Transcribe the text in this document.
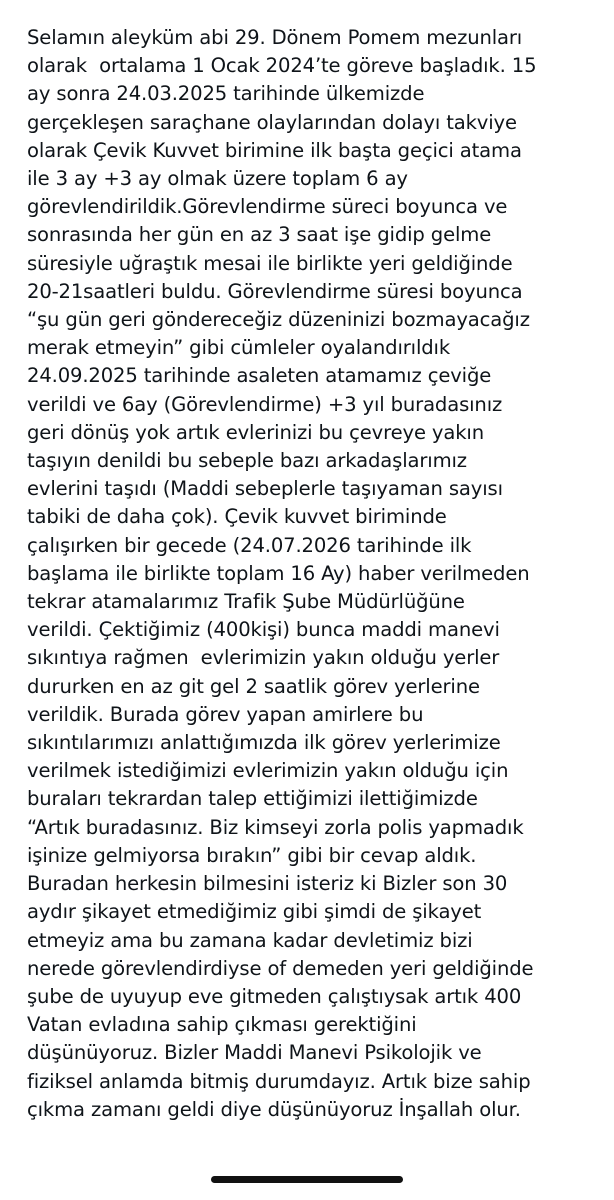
Selamın aleyküm abi 29. Dönem Pomem mezunları
olarak  ortalama 1 Ocak 2024’te göreve başladık. 15
ay sonra 24.03.2025 tarihinde ülkemizde
gerçekleşen saraçhane olaylarından dolayı takviye
olarak Çevik Kuvvet birimine ilk başta geçici atama
ile 3 ay +3 ay olmak üzere toplam 6 ay
görevlendirildik.Görevlendirme süreci boyunca ve
sonrasında her gün en az 3 saat işe gidip gelme
süresiyle uğraştık mesai ile birlikte yeri geldiğinde
20-21saatleri buldu. Görevlendirme süresi boyunca
“şu gün geri göndereceğiz düzeninizi bozmayacağız
merak etmeyin” gibi cümleler oyalandırıldık
24.09.2025 tarihinde asaleten atamamız çeviğe
verildi ve 6ay (Görevlendirme) +3 yıl buradasınız
geri dönüş yok artık evlerinizi bu çevreye yakın
taşıyın denildi bu sebeple bazı arkadaşlarımız
evlerini taşıdı (Maddi sebeplerle taşıyaman sayısı
tabiki de daha çok). Çevik kuvvet biriminde
çalışırken bir gecede (24.07.2026 tarihinde ilk
başlama ile birlikte toplam 16 Ay) haber verilmeden
tekrar atamalarımız Trafik Şube Müdürlüğüne
verildi. Çektiğimiz (400kişi) bunca maddi manevi
sıkıntıya rağmen  evlerimizin yakın olduğu yerler
dururken en az git gel 2 saatlik görev yerlerine
verildik. Burada görev yapan amirlere bu
sıkıntılarımızı anlattığımızda ilk görev yerlerimize
verilmek istediğimizi evlerimizin yakın olduğu için
buraları tekrardan talep ettiğimizi ilettiğimizde
“Artık buradasınız. Biz kimseyi zorla polis yapmadık
işinize gelmiyorsa bırakın” gibi bir cevap aldık.
Buradan herkesin bilmesini isteriz ki Bizler son 30
aydır şikayet etmediğimiz gibi şimdi de şikayet
etmeyiz ama bu zamana kadar devletimiz bizi
nerede görevlendirdiyse of demeden yeri geldiğinde
şube de uyuyup eve gitmeden çalıştıysak artık 400
Vatan evladına sahip çıkması gerektiğini
düşünüyoruz. Bizler Maddi Manevi Psikolojik ve
fiziksel anlamda bitmiş durumdayız. Artık bize sahip
çıkma zamanı geldi diye düşünüyoruz İnşallah olur.
